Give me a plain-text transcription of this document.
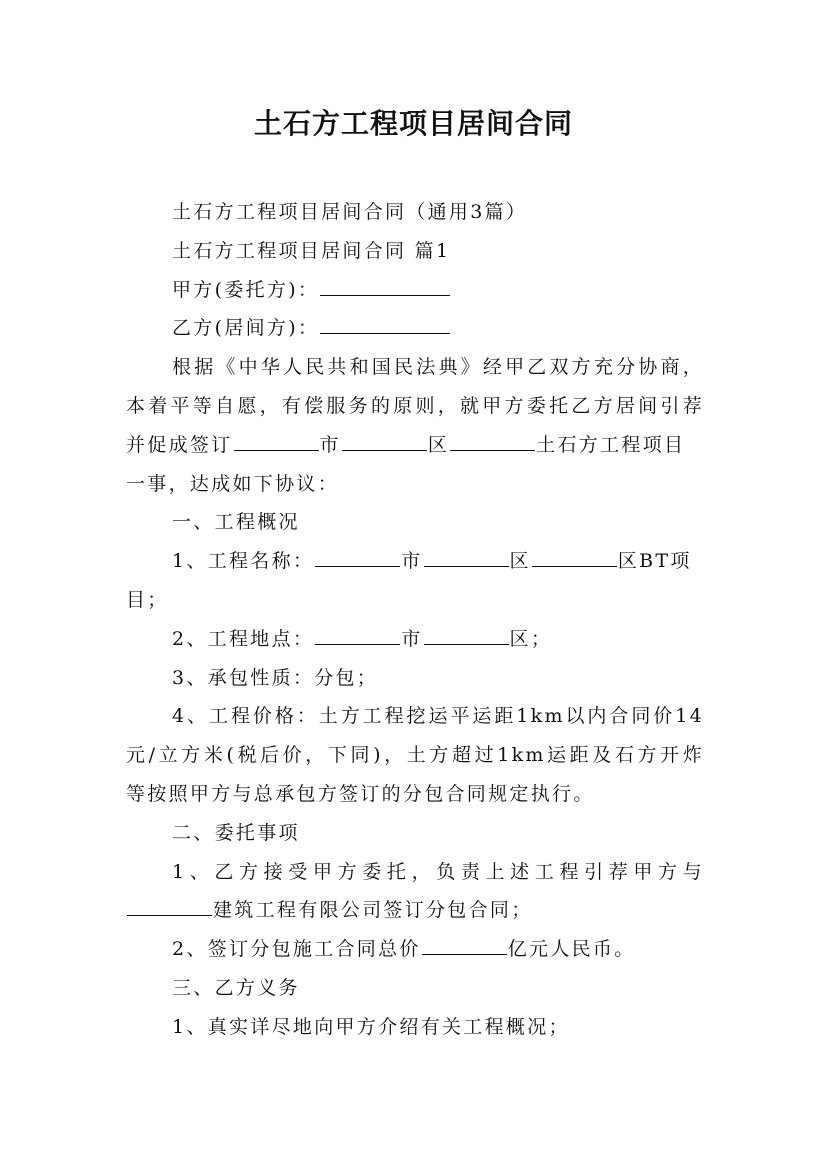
土石方工程项目居间合同

土石方工程项目居间合同（通用3篇）

土石方工程项目居间合同 篇1

甲方(委托方)：

乙方(居间方)：

根据《中华人民共和国民法典》经甲乙双方充分协商，

本着平等自愿，有偿服务的原则，就甲方委托乙方居间引荐

并促成签订	市	区	土石方工程项目

一事，达成如下协议：

一、工程概况

1、工程名称：	市	区	区BT项

目；

2、工程地点：	市	区；

3、承包性质：分包；

4、工程价格：土方工程挖运平运距1km以内合同价14

元/立方米(税后价，下同)，土方超过1km运距及石方开炸

等按照甲方与总承包方签订的分包合同规定执行。

二、委托事项

1、乙方接受甲方委托，负责上述工程引荐甲方与

建筑工程有限公司签订分包合同；

2、签订分包施工合同总价	亿元人民币。

三、乙方义务

1、真实详尽地向甲方介绍有关工程概况；
